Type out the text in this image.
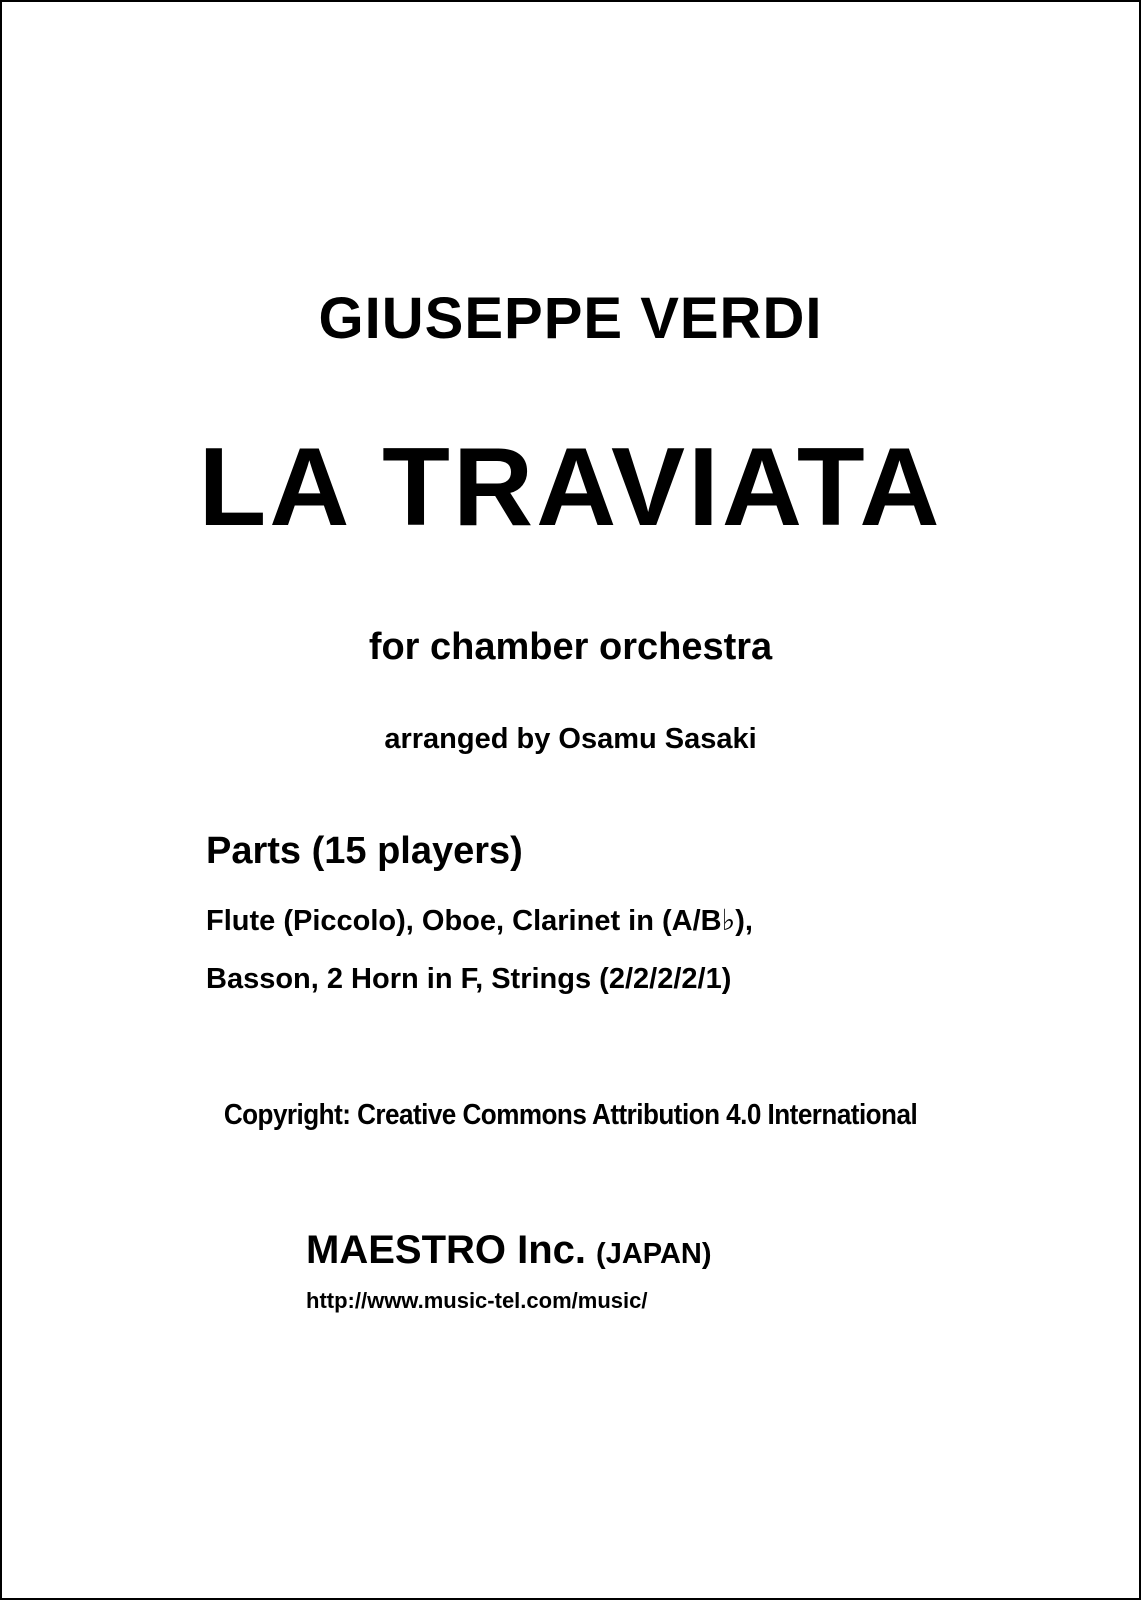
GIUSEPPE VERDI
LA TRAVIATA
for chamber orchestra
arranged by Osamu Sasaki
Parts (15 players)
Flute (Piccolo), Oboe, Clarinet in (A/B♭),
Basson, 2 Horn in F, Strings (2/2/2/2/1)
Copyright: Creative Commons Attribution 4.0 International
MAESTRO Inc. (JAPAN)
http://www.music-tel.com/music/
